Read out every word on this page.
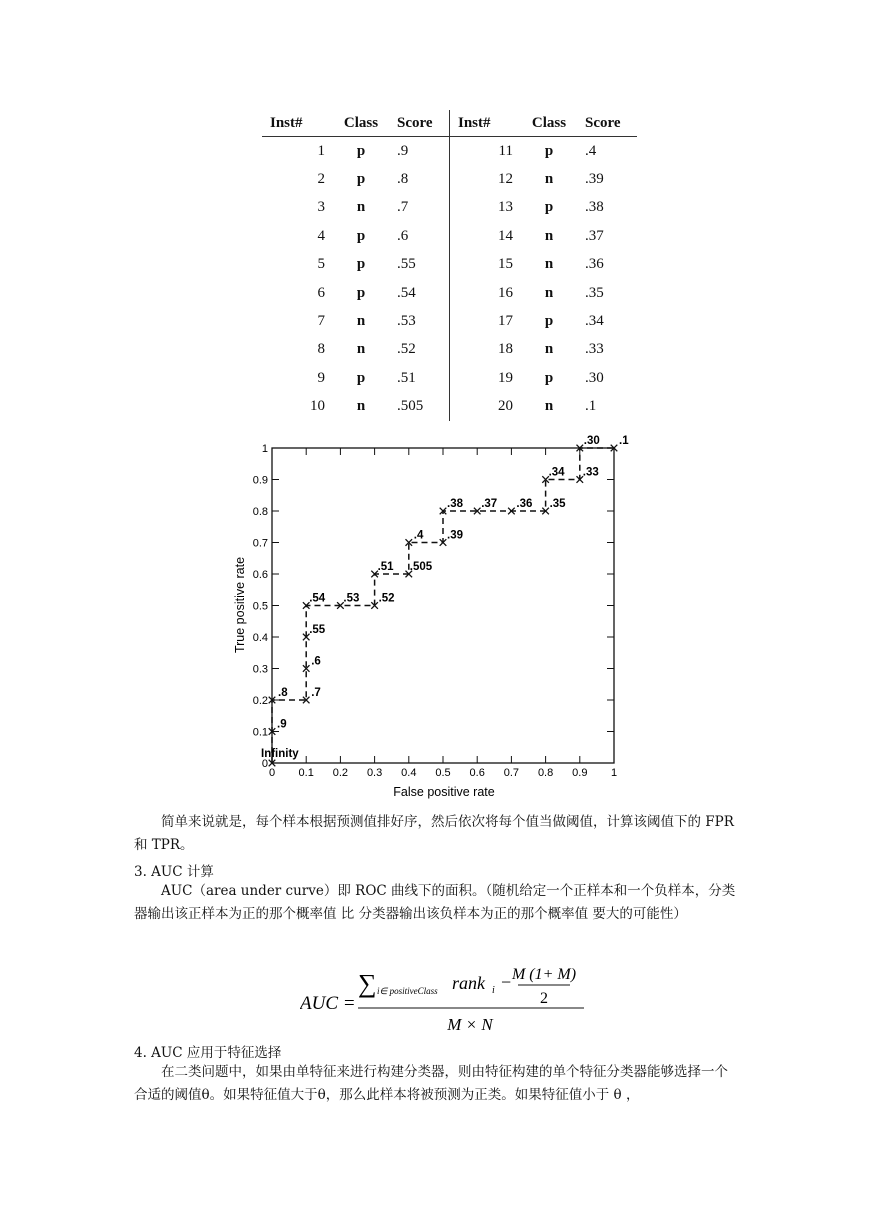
Inst#	Class	Score	Inst#	Class	Score
1	p	.9	11	p	.4
2	p	.8	12	n	.39
3	n	.7	13	p	.38
4	p	.6	14	n	.37
5	p	.55	15	n	.36
6	p	.54	16	n	.35
7	n	.53	17	p	.34
8	n	.52	18	n	.33
9	p	.51	19	p	.30
10	n	.505	20	n	.1
0 0.1 0.2 0.3 0.4 0.5 0.6 0.7 0.8 0.9 1
0
0.1
0.2
0.3
0.4
0.5
0.6
0.7
0.8
0.9
1
Infinity
.9
.8 .7
.6
.55
.54 .53 .52
.51 .505
.4 .39
.38 .37 .36 .35
.34 .33
.30 .1
False positive rate
True positive rate
简单来说就是，每个样本根据预测值排好序，然后依次将每个值当做阈值，计算该阈值下的 FPR 和 TPR。
3. AUC 计算
AUC（area under curve）即 ROC 曲线下的面积。（随机给定一个正样本和一个负样本，分类器输出该正样本为正的那个概率值 比 分类器输出该负样本为正的那个概率值 要大的可能性）
AUC =
∑ i∈ positiveClass rank i − M (1+ M)
2
M × N
4. AUC 应用于特征选择
在二类问题中，如果由单特征来进行构建分类器，则由特征构建的单个特征分类器能够选择一个合适的阈值θ。如果特征值大于θ，那么此样本将被预测为正类。如果特征值小于 θ ，
